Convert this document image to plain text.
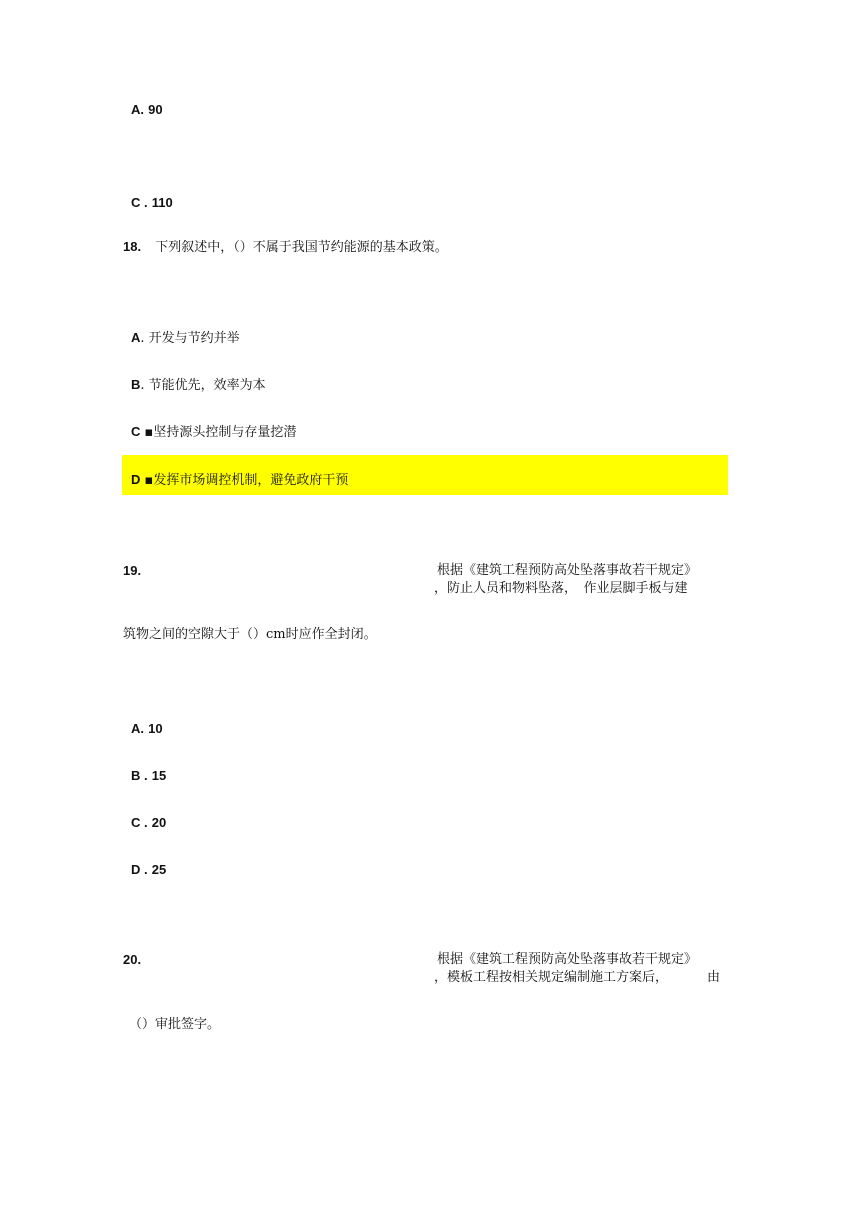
A. 90
C . 110
18. 下列叙述中，（）不属于我国节约能源的基本政策。
A. 开发与节约并举
B. 节能优先，效率为本
C ▪坚持源头控制与存量挖潜
D ▪发挥市场调控机制，避免政府干预
19.	根据《建筑工程预防高处坠落事故若干规定》
，防止人员和物料坠落，　作业层脚手板与建
筑物之间的空隙大于（）cm时应作全封闭。
A. 10
B . 15
C . 20
D . 25
20.	根据《建筑工程预防高处坠落事故若干规定》
，模板工程按相关规定编制施工方案后，	由
（）审批签字。
